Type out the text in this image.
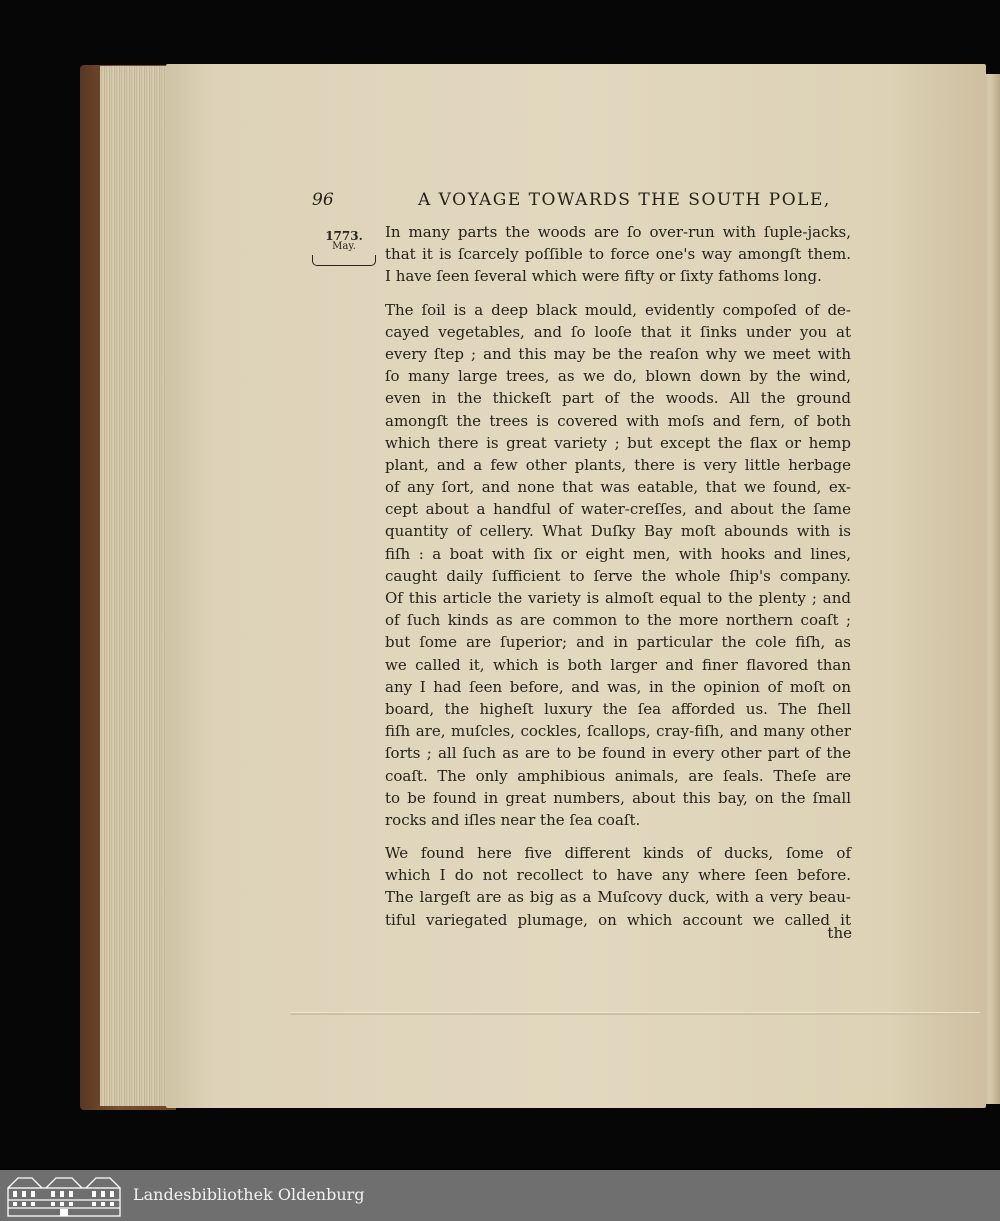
96	A VOYAGE TOWARDS THE SOUTH POLE,
1773.
May.
In many parts the woods are ſo over-run with ſuple-jacks,
that it is ſcarcely poſſible to force one's way amongſt them.
I have ſeen ſeveral which were fifty or ſixty fathoms long.
The ſoil is a deep black mould, evidently compoſed of de-
cayed vegetables, and ſo looſe that it ſinks under you at
every ſtep ; and this may be the reaſon why we meet with
ſo many large trees, as we do, blown down by the wind,
even in the thickeſt part of the woods. All the ground
amongſt the trees is covered with moſs and fern, of both
which there is great variety ; but except the flax or hemp
plant, and a few other plants, there is very little herbage
of any ſort, and none that was eatable, that we found, ex-
cept about a handful of water-creſſes, and about the ſame
quantity of cellery. What Duſky Bay moſt abounds with is
fiſh : a boat with ſix or eight men, with hooks and lines,
caught daily ſufficient to ſerve the whole ſhip's company.
Of this article the variety is almoſt equal to the plenty ; and
of ſuch kinds as are common to the more northern coaſt ;
but ſome are ſuperior; and in particular the cole fiſh, as
we called it, which is both larger and finer flavored than
any I had ſeen before, and was, in the opinion of moſt on
board, the higheſt luxury the ſea afforded us. The ſhell
fiſh are, muſcles, cockles, ſcallops, cray-fiſh, and many other
ſorts ; all ſuch as are to be found in every other part of the
coaſt. The only amphibious animals, are ſeals. Theſe are
to be found in great numbers, about this bay, on the ſmall
rocks and iſles near the ſea coaſt.
We found here five different kinds of ducks, ſome of
which I do not recollect to have any where ſeen before.
The largeſt are as big as a Muſcovy duck, with a very beau-
tiful variegated plumage, on which account we called it
the
Landesbibliothek Oldenburg
